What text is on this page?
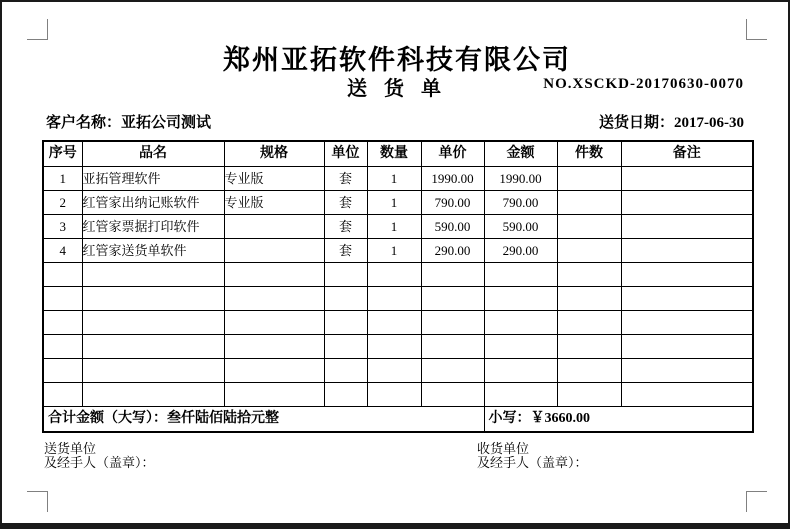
郑州亚拓软件科技有限公司
送 货 单	NO.XSCKD-20170630-0070
客户名称：亚拓公司测试	送货日期：2017-06-30
序号	品名	规格	单位	数量	单价	金额	件数	备注
1	亚拓管理软件	专业版	套	1	1990.00	1990.00		
2	红管家出纳记账软件	专业版	套	1	790.00	790.00		
3	红管家票据打印软件		套	1	590.00	590.00		
4	红管家送货单软件		套	1	290.00	290.00		

合计金额（大写）：叁仟陆佰陆拾元整						小写：￥3660.00		
送货单位
及经手人（盖章）：
收货单位
及经手人（盖章）：
